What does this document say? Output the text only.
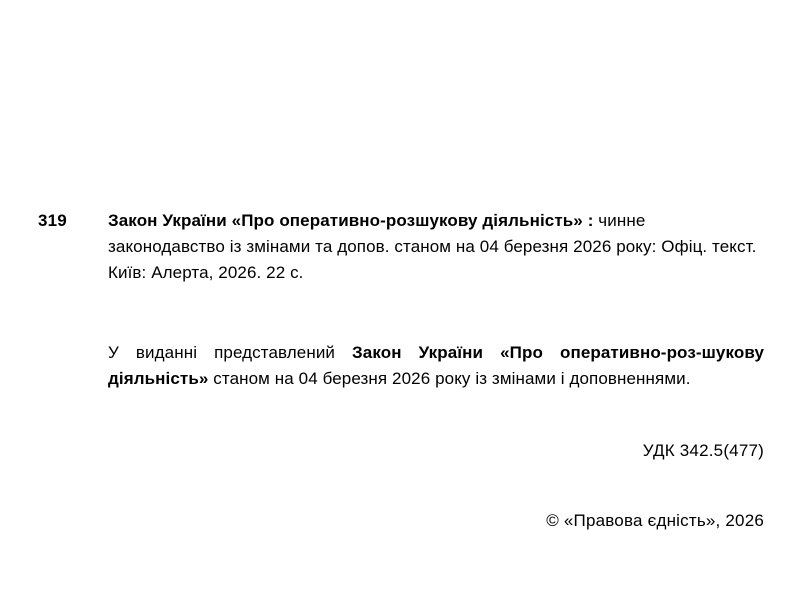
319	Закон України «Про оперативно-розшукову діяльність» : чинне законодавство із змінами та допов. станом на 04 березня 2026 року: Офіц. текст. Київ: Алерта, 2026. 22 с.
У виданні представлений Закон України «Про оперативно-роз-шукову діяльність» станом на 04 березня 2026 року із змінами і доповненнями.
УДК 342.5(477)
© «Правова єдність», 2026
